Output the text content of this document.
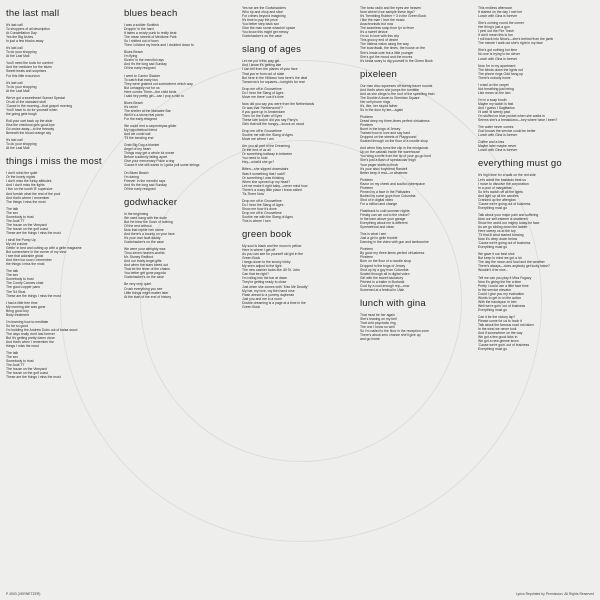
the last mall

It's last call

To shoppers of all description

At Constellation Day

Yes the Big Ashes

In just a few blocks away

It's last call

To do your shopping

At the Last Mall

You'll need the tools for comfort

And the medicine for the blues

Sweet treats and surprises

For this little excursion

It's last call

To do your shopping

At the Last Mall

We've got a sweetheart Sunset Special

On all of the standard stuff

'Cause in the morning—that gospel morning

You'll have to do for yourself when

the going gets tough

Roll your cart back up the aisle

Kiss the checkout girls good-bye

Go cruise away—to the freeway

Beneath the blood orange sky

It's last call

To do your shopping

At the Last Mall

things i miss the most

I don't mind the quiet

Or the lonely nights

I don't miss the funky attitudes

And I don't miss the fights

I live on the south 'B' supersize

And furnish what the rest of the pool

And that's where I remember

The things I miss the most

The talk

The sex

Somebody to trust

The Audi TT

The house on the Vineyard

The house on the golf coast

These are the things I miss the most

I stroll the Pump Up

My old cuisine

Gettin' in bed and cutting up with a girlie magazine

But somewhere in the corner of my view

I see that adorable ghost

And then too soon I remember

the things I miss the most

The talk

The sex

Somebody to trust

The Comfy Cannes chair

The good copper pans

The '54 Strat

These are the things I miss the most

I had a little free time

My morning site was gone

Bring good boy

Body treatment

I'm learning how to meditate

So far so good

I'm building the Andrew Dobs out of balsa wood

The days really don't last forever

But it's getting pretty damn close

And that's when I remember the

things I miss the most

The talk

The sex

Somebody to trust

The Audi TT

The house on the Vineyard

The house on the golf coast

These are the things I miss the most

blues beach

I was a soldier Scottish

Droppin' in the hard

It takes a crusty punk to really beat

The mean streets of Medicine Park

So I shifted out of town

Then I clicked my heels and I doubled down to

Blues Beach

I'm flying

Sizzlin' in the merciful rays

And it's the long sad Sunday

Of the early resigned

I went to Cantor Slacker

To catch that early bus

They were grained out somewhere which way

But unhappily not for us

Here comes Three—the child birds

I said hey pretty girl—can I pop a ride to

Blues Beach

It's rainin'

The shelter at the Manatee Bar

Well it's a stone real picnic

For the early resigned

We could rent a carpentripas glider

My hypothetical friend

And we could sail

'Til the bending end

Grab Big Dog a blanket

Angel of my heart

Things may get a whole lot worse

Before suddenly falling apart

Give your mercenary Pokie a ring

'Cause if she still wants in I gotta pull some strings

On Blues Beach

I'm daring

Freezin' in the merciful rays

And it's the long sad Sunday

Of the early resigned

godwhacker

In the beginning

We used hang with the dude

But He blew the Gosh of nothing

Of the rest without

Now that reptile heir name

And there's a bounty on your face

It's your own fault daddy

Godwhacker's on the case

We were your almighty was

Thou seven heaven-worlds

Mr. Stoney Redford

And our truely angel gifts

And when the stars bleed out

That be the fever of the chains

You better get gone pagoda

Godwhacker's on the case

Be very very quiet

Crush everything you see

Little things might matter later

At the start of the end of history

Yes we are the Godwhackers

Who rip and chop and slice

For crimes beyond imagining

It's time to pay the price

You better step back son

Give the man some whackin' space

You know this might get messy

Godwhacker's on the case

slang of ages

Let me put it this way girl

And I know it's getting late

I can tell from the planes of your face

That you're from out of state

But here in the Hilltown how here's the deal

Tomorrow's for squares—tonight's for real

Drop me off in Groovetime

Do I hear the Slang of Ages

Move me there 'cos it's time

Now did you say you were from the Netherlands

Or was that "Netherworld"?

If you gave up in Amsterdam

Then I'm the Eater of Eyes

These late lookin' did you say Parry's

Girls that will the hungry—knock on wood

Drop me off in Groovetime

Soothe me with the Slang of Ages

Move me where I am

Are you all part of the Dreaming

Or the end of us all

Or something halfway in between

You need to hold

Hey—what'd she go?

Bitten—she slipped downstairs

Was it something that I said?

Or something I was thinking

When she opened up my head?

Let me make it right baby—never mind how

There's a crazy little place I know called

'Ta-There Now'

Drop me off in Groovetime

Do I hear the Slang of Ages

Show me how it's done

Drop me off in Groovetime

Soothe me with the Slang of Ages

This is where I turn

green book

My soul is black and the moon is yellow

Here is where I get off

As you can see for yourself old girl in the

Green Book

I tango down to the smoky lobby

My seen adjust to the light

The new cashier looks like Jill St. John

Can that be right?

I'm rolling into the bar at dawn

They're getting ready to close

Just when she comes with "Kiss Me Deadly"

My hat, my love, my thin hand rose

Flash ahead to a yummy daybreak

Just you and me in a room

Double dreaming is a page at a time in the

Green Book

The torso radio and the eyes are heaven

Now where'd we sample these legs?

It's Trembling Rubber + 3 in the Green Book

I like the man I love the music

Anachronistic but now

The seamless soap from fyr to fever

It's a sweet device

I'm so in love with this city

This groovy end of desire

The Inkless vision along the way

The boardwalk, the times, the house on fire

She's kinda cute but a little younger

She's got the mood and the moves

It's kinda scary to dig yourself in the Green Book

pixeleen

Our man Also squeezes off twenty tracer rounds

And that's when she jumps the turnstile

And as she clings to the roof of the speeding train

The Double A down to Sheridan Square

Her cell phone rings

It's, like, her stupid father

So in the door by ten—again

Pixeleen

Dread deep my three-times perfect virtualness

Pixeleen

Burnt in the bogs of Jersey

Trained how to love and say hard

Dropped on the streets of Playground

Soaked through on the floor of a noodle shop

And when Nay turns the clip in the minigclock

Up on the catwalk inside the warehouse

You wing a knife from the tip of your go-go boot

She's just a flash of spectacular thigh

Your pager starts to throb

It's your also! boyfriend Randell

Better keep it real—or whatever

Pixeleen

Razor on my cheek and soulful cyberspace

Pixeleen

Pinned by a face in the Palisades

Bodied by some guys from Columbia

Shot of in digital video

For a million and change

Flashback to cold summer nights

Freaky can we out to the choice?

In the barn above your garage

Everything about me is different

Symmetrical and clean

This is what I see

Just a girl in girlie trouble

Dancing in the video with gun and tambourine

Pixeleen

By good my three-times perfect virtualness

Pixeleen

Born on the floor of a noodle shop

Dropped in the bogs of Jersey

Shot up by a guy from Columbia

Scaled through all in digital video

Girl with the sweet backstory

Pitched in a trailer in Burbank

Cool by a cool-enough rep—now

Screened at a festival in Utah

lunch with gina

That must be her again

She's leaning on my bell

That cold psychotic ring

The one I know so well

So I'm nailed to the floor in the reception zone

There's about zero chance she'll give up

and go home

This endless afternoon

It started on the day I met her

Lunch with Gina is forever

She's coming round the corner

Her thing's just a gun

I peel out the Fire Trash

It don't mean this is fun

I roll back into Nina's—she's behind from the jamb

The minute I walk out she's right in my face

She's got nothing but time

No one is trying to be clever

Lunch with Gina is forever

Now I'm in my apartment

The blinds down the lights out

The phone rings Odd hang up

There's nobody home

I crawl on the carpet

Not breathing just being

Like mean on the lam

I'm in a soap booth

Maybe my watch is fast

And I guess I Sagittarius

I'll wait 'til twenty past

I'm stuffed on blue pocket when she walks in

Seems she's a breakdown—hey where have I been?

The water never comes

God knows the service could be better

Lunch with Gina is forever

Coffee and a kiss

Maybe later maybe never

Lunch with Gina is forever

everything must go

It's high time for a walk on the red side

Let's admit the bastards beat us

I move to dissolve the corporation

In a pool of margaritas

So let's switch off all the lights

And light up all the candles

Cranked up the afterglow

'Cause we're going out of business

Everything must go

Talk about your major pain and suffering

Now our self-esteem is shattered

Show the world our mighty today-he face

As we go sliding down the ladder

Here sweep us at the top

'Til that ill wind started blowing

Now it's deep down below

'Cause we're going out of business

Everything must go

We gave it our best shot

But keep in mind we got a lot

The day the moon and food and the weather

There's always—does anybody get lucky twice?

Wouldn't it be nice...

Tell me can you play it Miss Fugazy

Now it's giving the fire a time

Pretty I could use a little face time

In the service elevator

Could I give you my evaluation

Words to get in on the action

With the handspun in trim

Well we're goin' out of business

Everything must go

Can it be the victory lap?

Please come for us to hook it

Talk about the famous road not taken

In the wind we never took

And if somewhere on the way

We got a few good licks in

We got a new gimme know

'Cause we're goin' out of business

Everything must go

P 4903 (VERNETZER)	Lyrics Reprinted by Permission. All Rights Reserved
